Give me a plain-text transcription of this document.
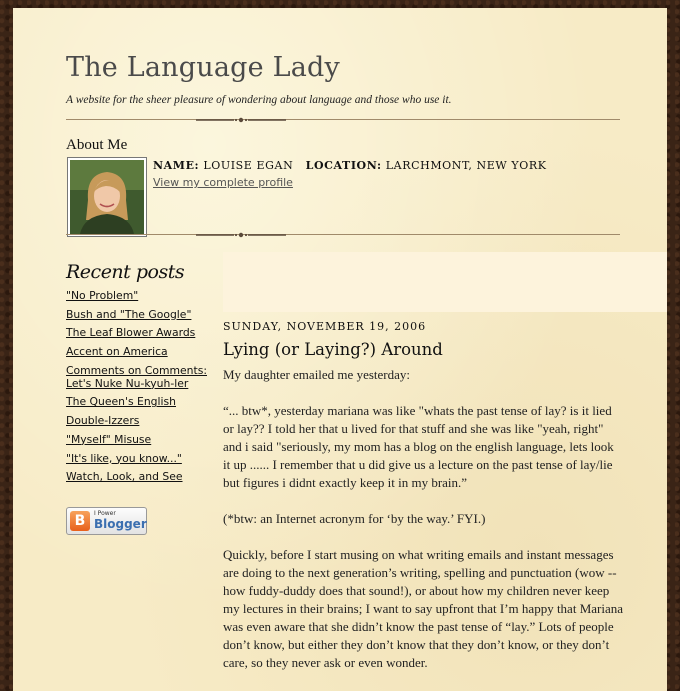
The Language Lady

A website for the sheer pleasure of wondering about language and those who use it.

About Me
NAME: LOUISE EGAN LOCATION: LARCHMONT, NEW YORK
View my complete profile
Recent posts
"No Problem"
Bush and "The Google"
The Leaf Blower Awards
Accent on America
Comments on Comments: Let's Nuke Nu-kyuh-ler
The Queen's English
Double-Izzers
"Myself" Misuse
"It's like, you know..."
Watch, Look, and See
B	I Power
Blogger
SUNDAY, NOVEMBER 19, 2006
Lying (or Laying?) Around

My daughter emailed me yesterday:

“... btw*, yesterday mariana was like "whats the past tense of lay? is it lied or lay?? I told her that u lived for that stuff and she was like "yeah, right" and i said "seriously, my mom has a blog on the english language, lets look it up ...... I remember that u did give us a lecture on the past tense of lay/lie but figures i didnt exactly keep it in my brain.”

(*btw: an Internet acronym for ‘by the way.’ FYI.)

Quickly, before I start musing on what writing emails and instant messages are doing to the next generation’s writing, spelling and punctuation (wow -- how fuddy-duddy does that sound!), or about how my children never keep my lectures in their brains; I want to say upfront that I’m happy that Mariana was even aware that she didn’t know the past tense of “lay.” Lots of people don’t know, but either they don’t know that they don’t know, or they don’t care, so they never ask or even wonder.
